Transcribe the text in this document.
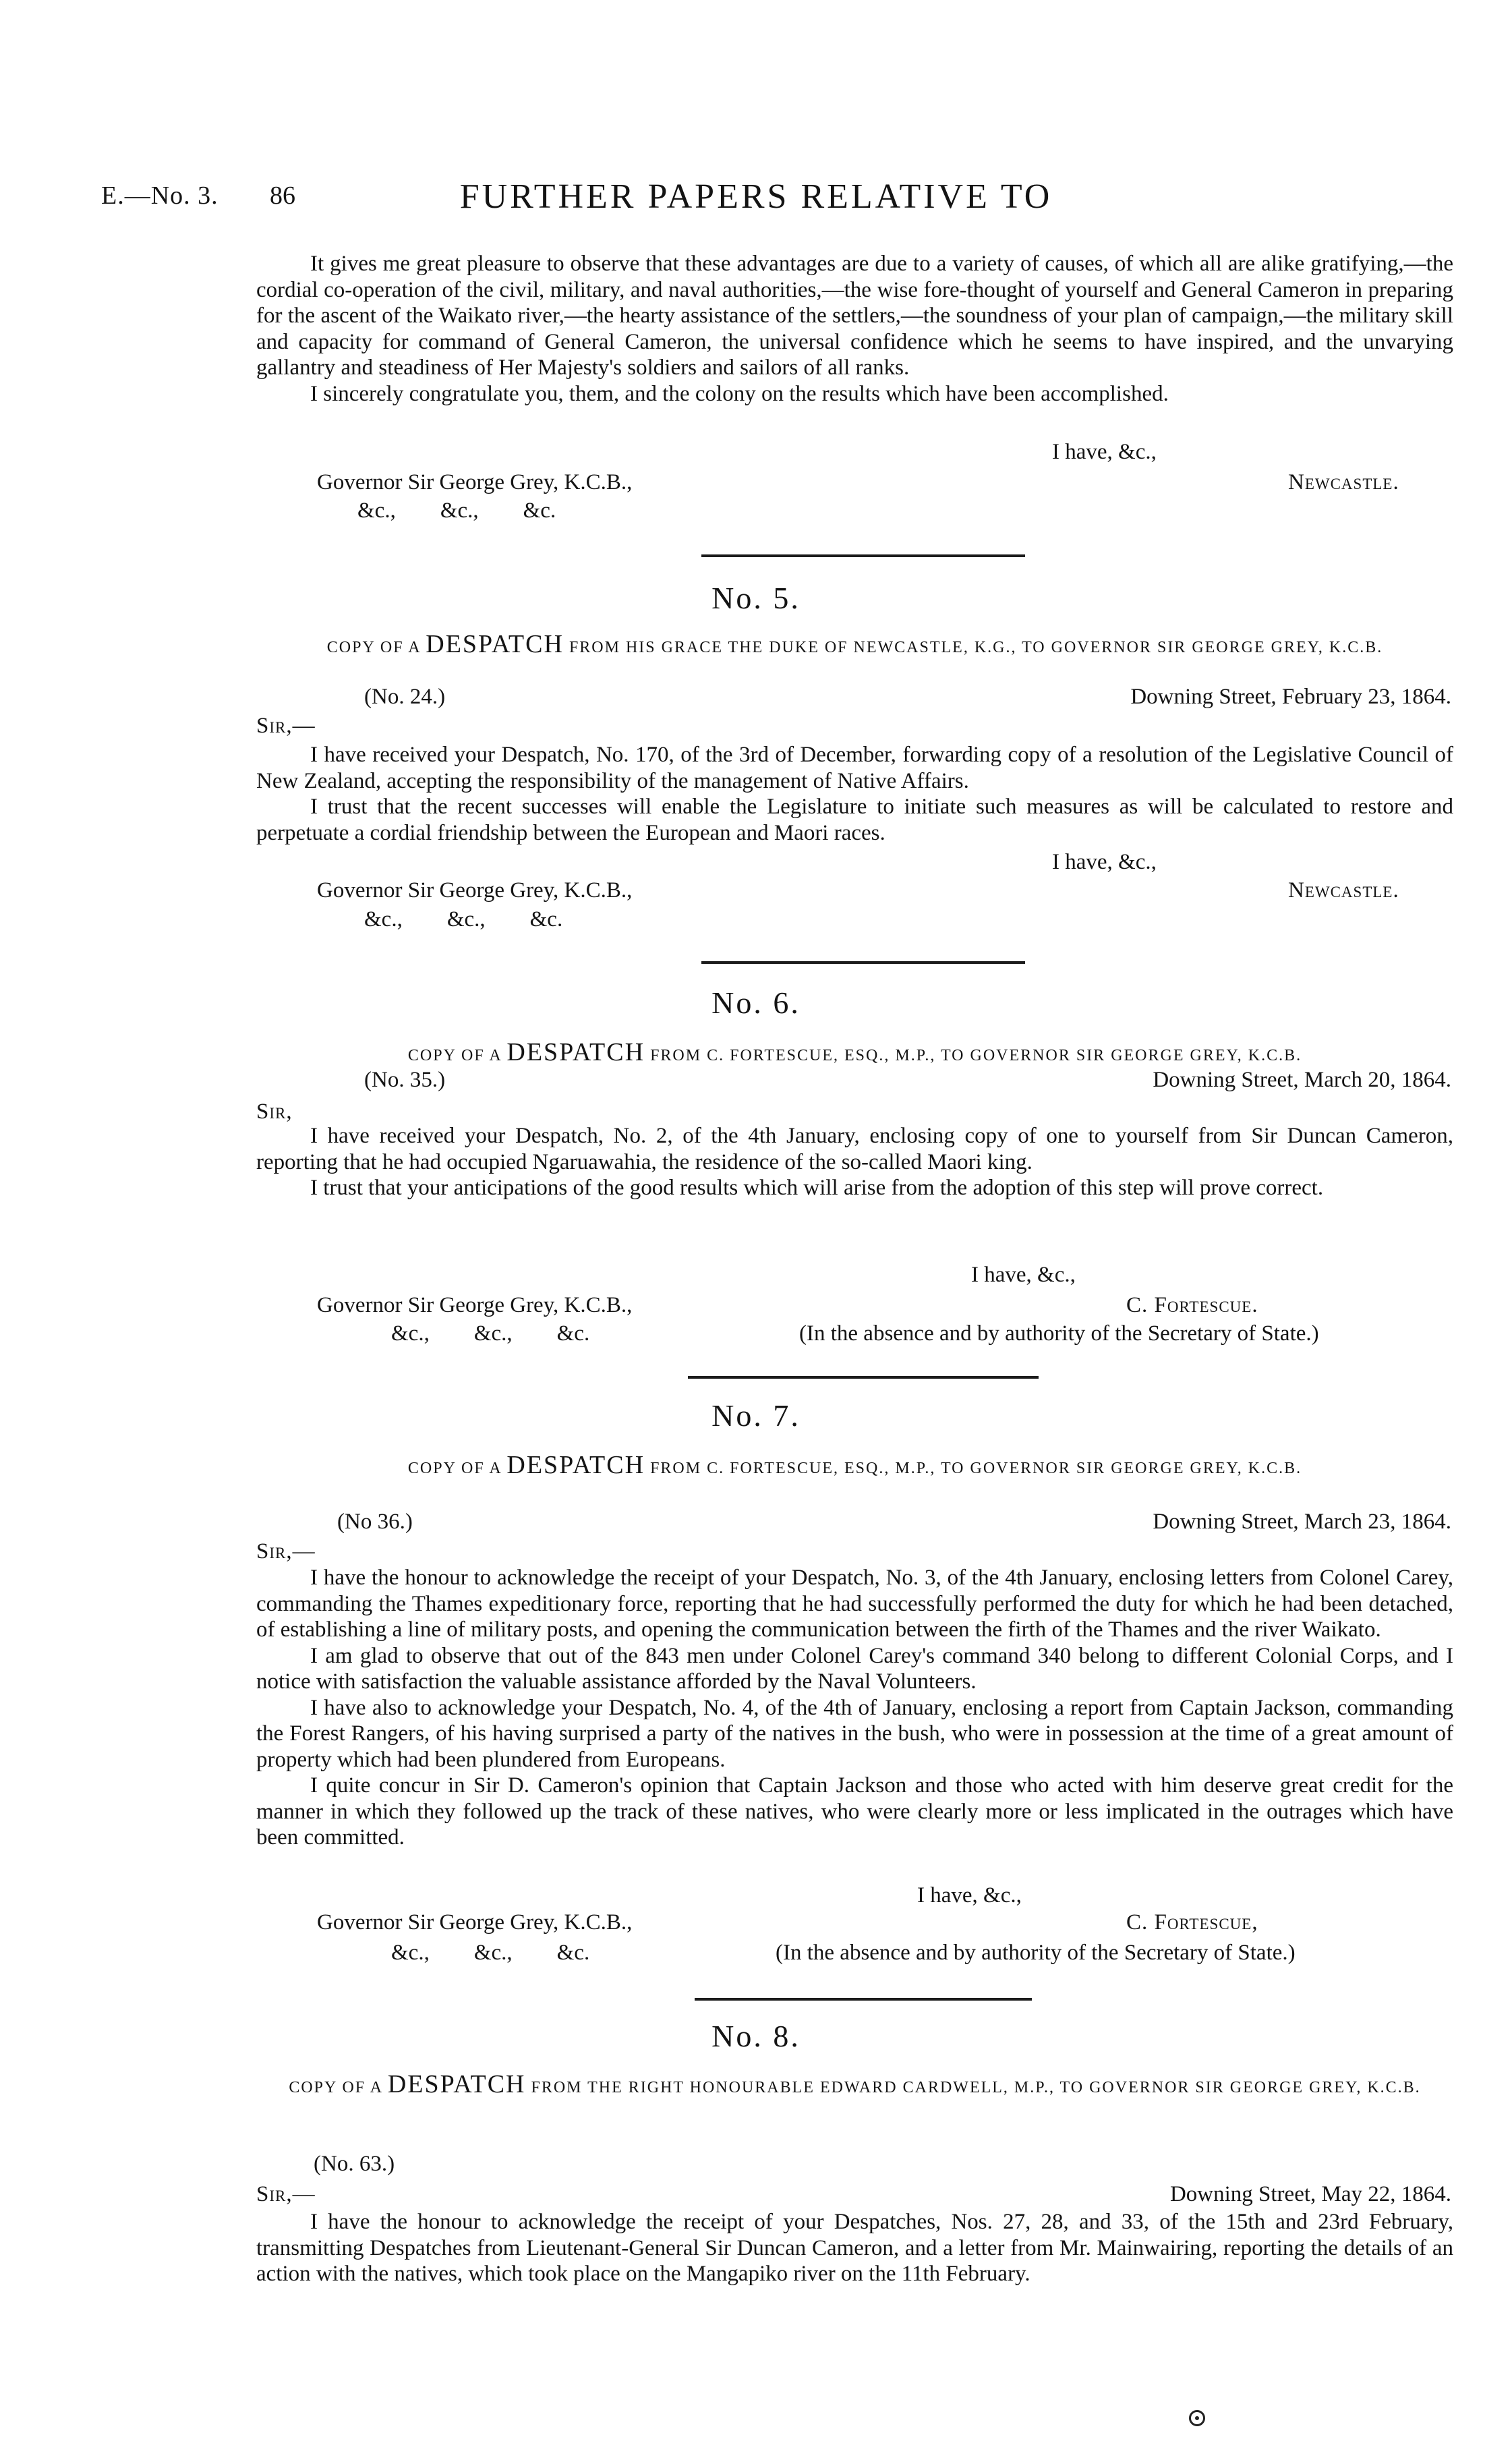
E.—No. 3. 86	FURTHER PAPERS RELATIVE TO

It gives me great pleasure to observe that these advantages are due to a variety of causes, of which all are alike gratifying,—the cordial co-operation of the civil, military, and naval authorities,—the wise fore-thought of yourself and General Cameron in preparing for the ascent of the Waikato river,—the hearty assistance of the settlers,—the soundness of your plan of campaign,—the military skill and capacity for command of General Cameron, the universal confidence which he seems to have inspired, and the unvarying gallantry and steadiness of Her Majesty's soldiers and sailors of all ranks.

I sincerely congratulate you, them, and the colony on the results which have been accomplished.

I have, &c.,
Governor Sir George Grey, K.C.B.,	Newcastle.
&c.,        &c.,        &c.
No. 5.
COPY OF A DESPATCH FROM HIS GRACE THE DUKE OF NEWCASTLE, K.G., TO GOVERNOR SIR GEORGE GREY, K.C.B.
(No. 24.)	Downing Street, February 23, 1864.
Sir,—

I have received your Despatch, No. 170, of the 3rd of December, forwarding copy of a resolution of the Legislative Council of New Zealand, accepting the responsibility of the management of Native Affairs.

I trust that the recent successes will enable the Legislature to initiate such measures as will be calculated to restore and perpetuate a cordial friendship between the European and Maori races.

I have, &c.,
Governor Sir George Grey, K.C.B.,	Newcastle.
&c.,        &c.,        &c.
No. 6.
COPY OF A DESPATCH FROM C. FORTESCUE, ESQ., M.P., TO GOVERNOR SIR GEORGE GREY, K.C.B.
(No. 35.)	Downing Street, March 20, 1864.
Sir,

I have received your Despatch, No. 2, of the 4th January, enclosing copy of one to yourself from Sir Duncan Cameron, reporting that he had occupied Ngaruawahia, the residence of the so-called Maori king.

I trust that your anticipations of the good results which will arise from the adoption of this step will prove correct.

I have, &c.,
Governor Sir George Grey, K.C.B.,	C. Fortescue.
&c.,        &c.,        &c.	(In the absence and by authority of the Secretary of State.)
No. 7.
COPY OF A DESPATCH FROM C. FORTESCUE, ESQ., M.P., TO GOVERNOR SIR GEORGE GREY, K.C.B.
(No 36.)	Downing Street, March 23, 1864.
Sir,—

I have the honour to acknowledge the receipt of your Despatch, No. 3, of the 4th January, enclosing letters from Colonel Carey, commanding the Thames expeditionary force, reporting that he had successfully performed the duty for which he had been detached, of establishing a line of military posts, and opening the communication between the firth of the Thames and the river Waikato.

I am glad to observe that out of the 843 men under Colonel Carey's command 340 belong to different Colonial Corps, and I notice with satisfaction the valuable assistance afforded by the Naval Volunteers.

I have also to acknowledge your Despatch, No. 4, of the 4th of January, enclosing a report from Captain Jackson, commanding the Forest Rangers, of his having surprised a party of the natives in the bush, who were in possession at the time of a great amount of property which had been plundered from Europeans.

I quite concur in Sir D. Cameron's opinion that Captain Jackson and those who acted with him deserve great credit for the manner in which they followed up the track of these natives, who were clearly more or less implicated in the outrages which have been committed.

I have, &c.,
Governor Sir George Grey, K.C.B.,	C. Fortescue,
&c.,        &c.,        &c.	(In the absence and by authority of the Secretary of State.)
No. 8.
COPY OF A DESPATCH FROM THE RIGHT HONOURABLE EDWARD CARDWELL, M.P., TO GOVERNOR SIR GEORGE GREY, K.C.B.
(No. 63.)
Sir,—	Downing Street, May 22, 1864.

I have the honour to acknowledge the receipt of your Despatches, Nos. 27, 28, and 33, of the 15th and 23rd February, transmitting Despatches from Lieutenant-General Sir Duncan Cameron, and a letter from Mr. Mainwairing, reporting the details of an action with the natives, which took place on the Mangapiko river on the 11th February.
